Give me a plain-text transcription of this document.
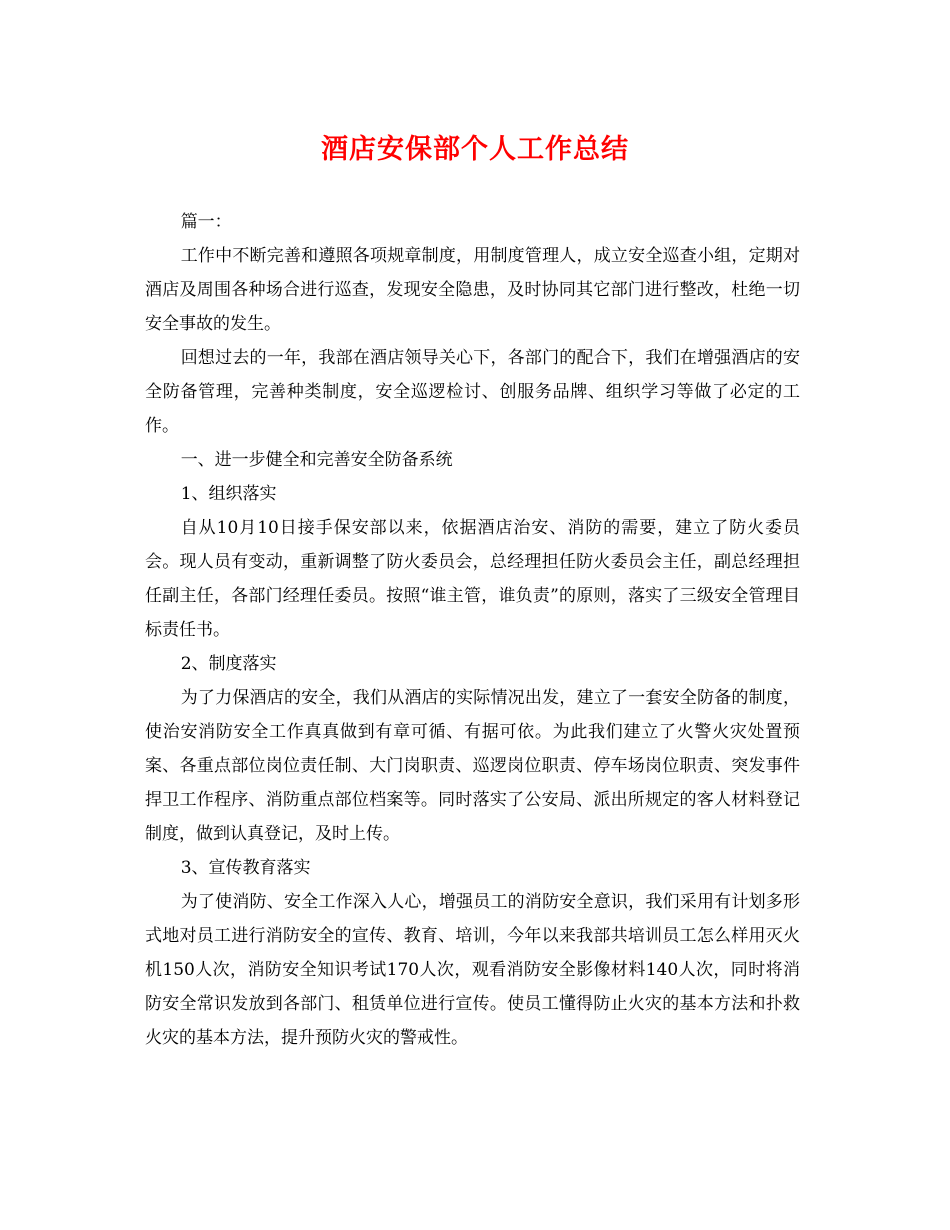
酒店安保部个人工作总结

篇一：

工作中不断完善和遵照各项规章制度，用制度管理人，成立安全巡查小组，定期对酒店及周围各种场合进行巡查，发现安全隐患，及时协同其它部门进行整改，杜绝一切安全事故的发生。

回想过去的一年，我部在酒店领导关心下，各部门的配合下，我们在增强酒店的安全防备管理，完善种类制度，安全巡逻检讨、创服务品牌、组织学习等做了必定的工作。

一、进一步健全和完善安全防备系统

1、组织落实

自从10月10日接手保安部以来，依据酒店治安、消防的需要，建立了防火委员会。现人员有变动，重新调整了防火委员会，总经理担任防火委员会主任，副总经理担任副主任，各部门经理任委员。按照“谁主管，谁负责”的原则，落实了三级安全管理目标责任书。

2、制度落实

为了力保酒店的安全，我们从酒店的实际情况出发，建立了一套安全防备的制度，使治安消防安全工作真真做到有章可循、有据可依。为此我们建立了火警火灾处置预案、各重点部位岗位责任制、大门岗职责、巡逻岗位职责、停车场岗位职责、突发事件捍卫工作程序、消防重点部位档案等。同时落实了公安局、派出所规定的客人材料登记制度，做到认真登记，及时上传。

3、宣传教育落实

为了使消防、安全工作深入人心，增强员工的消防安全意识，我们采用有计划多形式地对员工进行消防安全的宣传、教育、培训，今年以来我部共培训员工怎么样用灭火机150人次，消防安全知识考试170人次，观看消防安全影像材料140人次，同时将消防安全常识发放到各部门、租赁单位进行宣传。使员工懂得防止火灾的基本方法和扑救火灾的基本方法，提升预防火灾的警戒性。
